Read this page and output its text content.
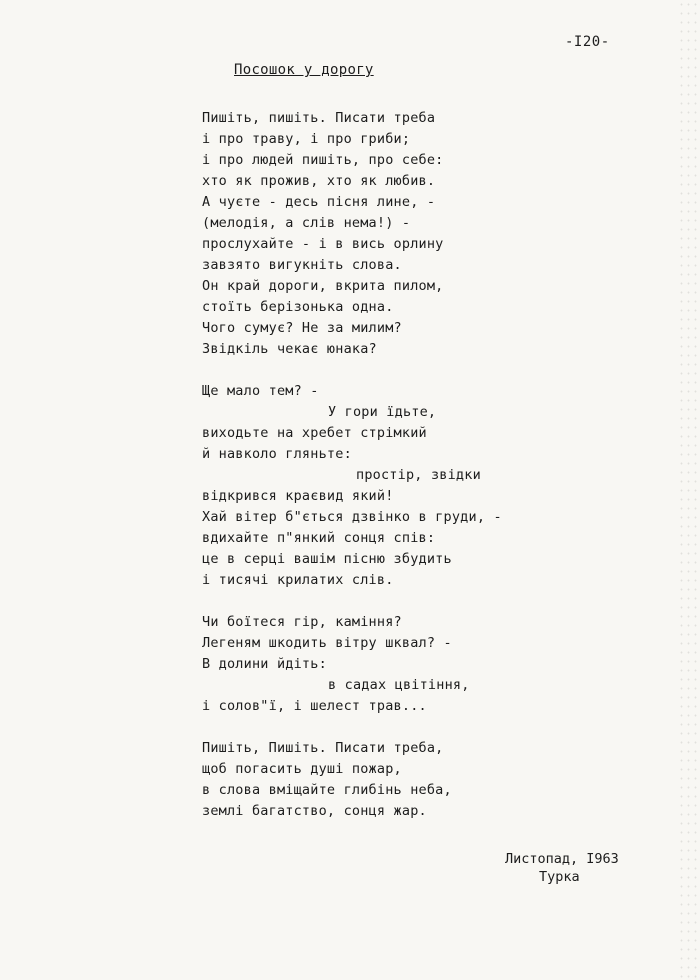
-I20-
Посошок у дорогу
Пишіть, пишіть. Писати треба
і про траву, і про гриби;
і про людей пишіть, про себе:
хто як прожив, хто як любив.
А чуєте - десь пісня лине, -
(мелодія, а слів нема!) -
прослухайте - і в вись орлину
завзято вигукніть слова.
Он край дороги, вкрита пилом,
стоїть берізонька одна.
Чого сумує? Не за милим?
Звідкіль чекає юнака?
Ще мало тем? -
У гори їдьте,
виходьте на хребет стрімкий
й навколо гляньте:
простір, звідки
відкрився краєвид який!
Хай вітер б"ється дзвінко в груди, -
вдихайте п"янкий сонця спів:
це в серці вашім пісню збудить
і тисячі крилатих слів.
Чи боїтеся гір, каміння?
Легеням шкодить вітру шквал? -
В долини йдіть:
в садах цвітіння,
і солов"ї, і шелест трав...
Пишіть, Пишіть. Писати треба,
щоб погасить душі пожар,
в слова вміщайте глибінь неба,
землі багатство, сонця жар.
Листопад, I963
Турка
